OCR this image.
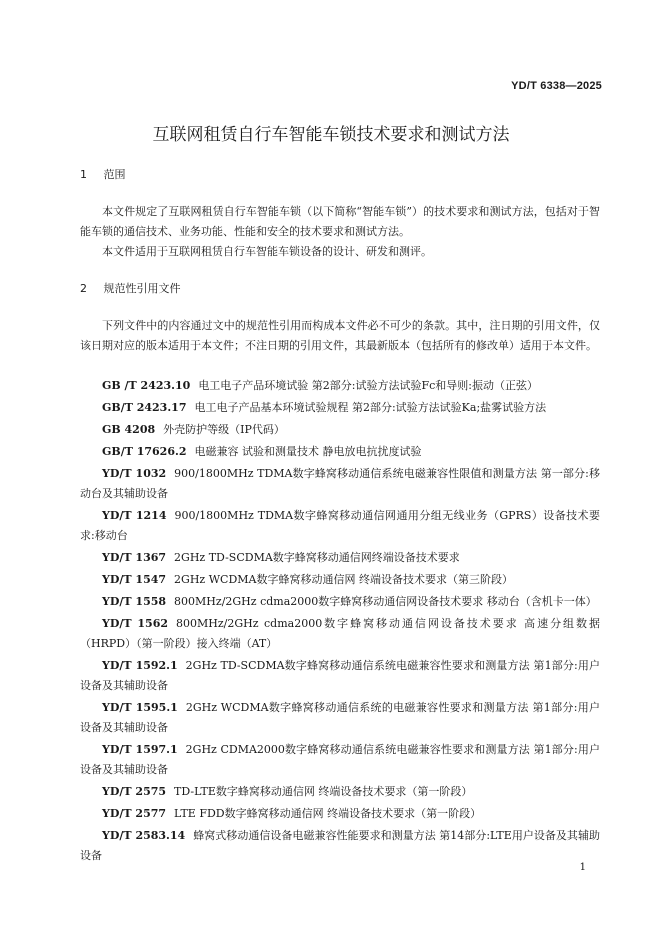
YD/T 6338—2025
互联网租赁自行车智能车锁技术要求和测试方法
1 范围
本文件规定了互联网租赁自行车智能车锁（以下简称“智能车锁”）的技术要求和测试方法，包括对于智能车锁的通信技术、业务功能、性能和安全的技术要求和测试方法。
本文件适用于互联网租赁自行车智能车锁设备的设计、研发和测评。
2 规范性引用文件
下列文件中的内容通过文中的规范性引用而构成本文件必不可少的条款。其中，注日期的引用文件，仅该日期对应的版本适用于本文件；不注日期的引用文件，其最新版本（包括所有的修改单）适用于本文件。
GB /T 2423.10 电工电子产品环境试验 第2部分:试验方法试验Fc和导则:振动（正弦）
GB/T 2423.17 电工电子产品基本环境试验规程 第2部分:试验方法试验Ka;盐雾试验方法
GB 4208 外壳防护等级（IP代码）
GB/T 17626.2 电磁兼容 试验和测量技术 静电放电抗扰度试验
YD/T 1032 900/1800MHz TDMA数字蜂窝移动通信系统电磁兼容性限值和测量方法 第一部分:移动台及其辅助设备
YD/T 1214 900/1800MHz TDMA数字蜂窝移动通信网通用分组无线业务（GPRS）设备技术要求:移动台
YD/T 1367 2GHz TD-SCDMA数字蜂窝移动通信网终端设备技术要求
YD/T 1547 2GHz WCDMA数字蜂窝移动通信网 终端设备技术要求（第三阶段）
YD/T 1558 800MHz/2GHz cdma2000数字蜂窝移动通信网设备技术要求 移动台（含机卡一体）
YD/T 1562 800MHz/2GHz cdma2000数字蜂窝移动通信网设备技术要求 高速分组数据（HRPD）（第一阶段）接入终端（AT）
YD/T 1592.1 2GHz TD-SCDMA数字蜂窝移动通信系统电磁兼容性要求和测量方法 第1部分:用户设备及其辅助设备
YD/T 1595.1 2GHz WCDMA数字蜂窝移动通信系统的电磁兼容性要求和测量方法 第1部分:用户设备及其辅助设备
YD/T 1597.1 2GHz CDMA2000数字蜂窝移动通信系统电磁兼容性要求和测量方法 第1部分:用户设备及其辅助设备
YD/T 2575 TD-LTE数字蜂窝移动通信网 终端设备技术要求（第一阶段）
YD/T 2577 LTE FDD数字蜂窝移动通信网 终端设备技术要求（第一阶段）
YD/T 2583.14 蜂窝式移动通信设备电磁兼容性能要求和测量方法 第14部分:LTE用户设备及其辅助设备
1
